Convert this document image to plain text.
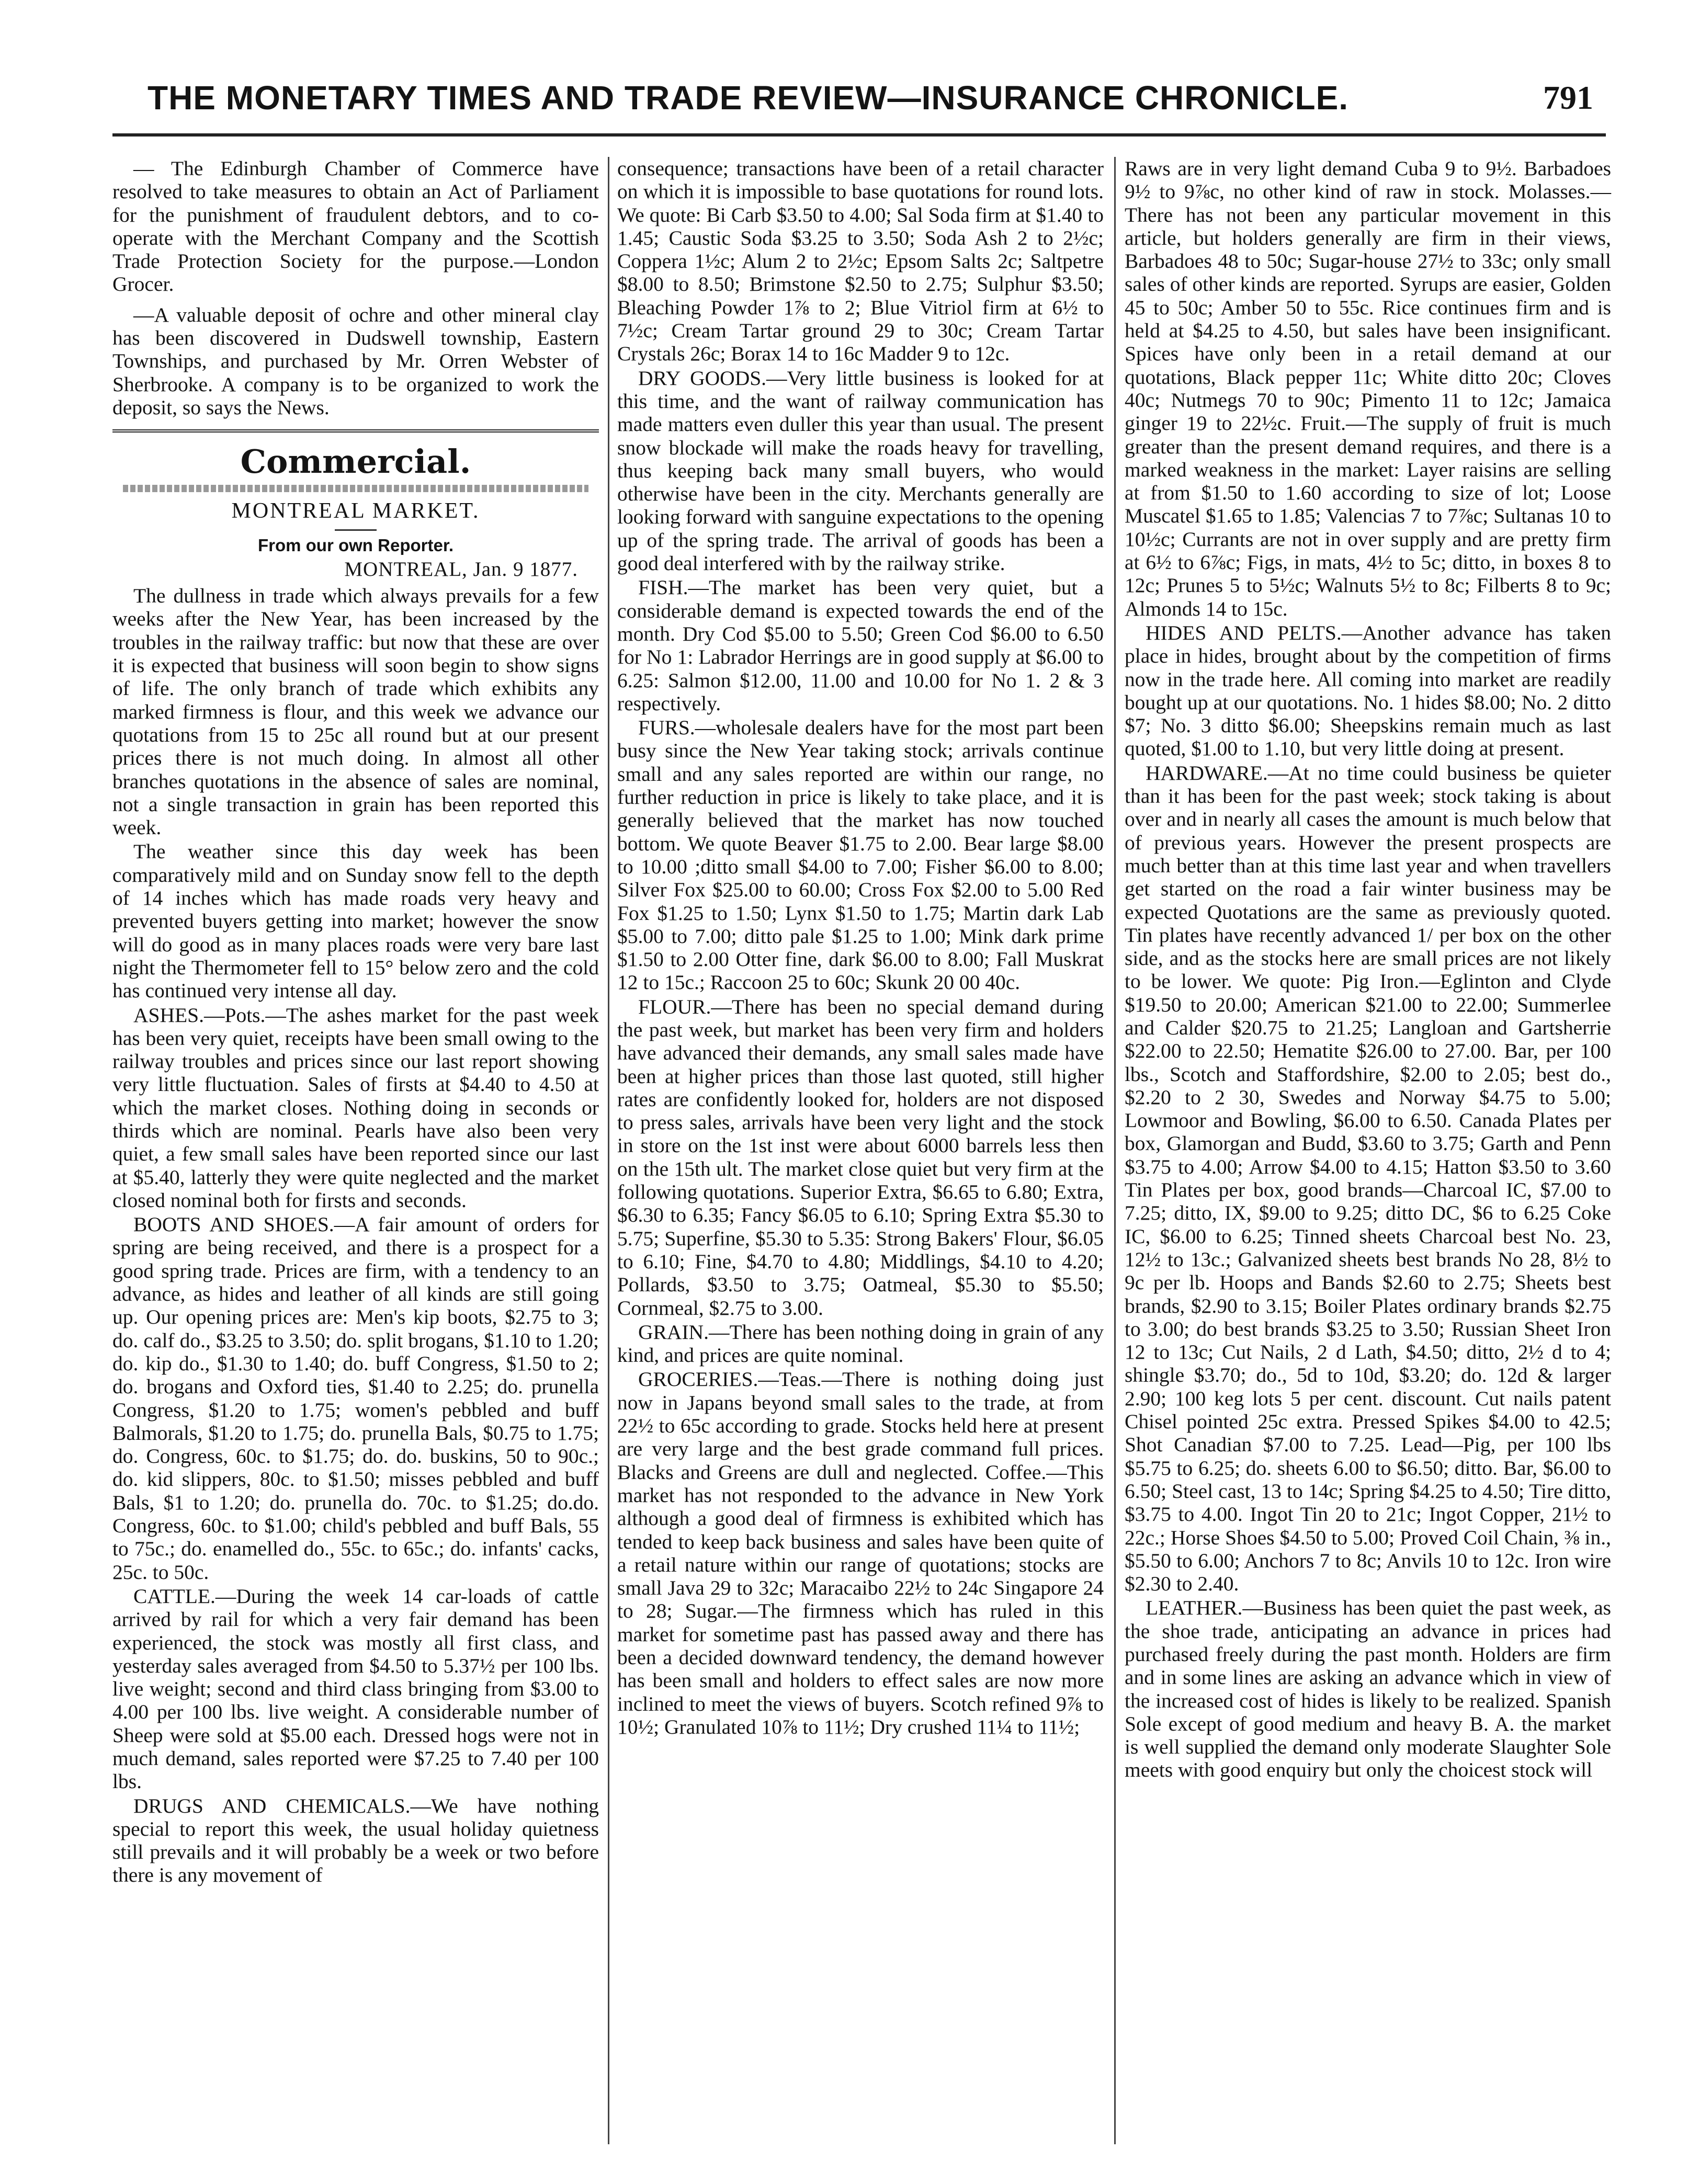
THE MONETARY TIMES AND TRADE REVIEW—INSURANCE CHRONICLE.	791

— The Edinburgh Chamber of Commerce have resolved to take measures to obtain an Act of Parliament for the punishment of fraudulent debtors, and to co-operate with the Merchant Company and the Scottish Trade Protection Society for the purpose.—London Grocer.

—A valuable deposit of ochre and other mineral clay has been discovered in Dudswell township, Eastern Townships, and purchased by Mr. Orren Webster of Sherbrooke. A company is to be organized to work the deposit, so says the News.

Commercial.
MONTREAL MARKET.
From our own Reporter.
MONTREAL, Jan. 9 1877.

The dullness in trade which always prevails for a few weeks after the New Year, has been increased by the troubles in the railway traffic: but now that these are over it is expected that business will soon begin to show signs of life. The only branch of trade which exhibits any marked firmness is flour, and this week we advance our quotations from 15 to 25c all round but at our present prices there is not much doing. In almost all other branches quotations in the absence of sales are nominal, not a single transaction in grain has been reported this week.

The weather since this day week has been comparatively mild and on Sunday snow fell to the depth of 14 inches which has made roads very heavy and prevented buyers getting into market; however the snow will do good as in many places roads were very bare last night the Thermometer fell to 15° below zero and the cold has continued very intense all day.

ASHES.—Pots.—The ashes market for the past week has been very quiet, receipts have been small owing to the railway troubles and prices since our last report showing very little fluctuation. Sales of firsts at $4.40 to 4.50 at which the market closes. Nothing doing in seconds or thirds which are nominal. Pearls have also been very quiet, a few small sales have been reported since our last at $5.40, latterly they were quite neglected and the market closed nominal both for firsts and seconds.

BOOTS AND SHOES.—A fair amount of orders for spring are being received, and there is a prospect for a good spring trade. Prices are firm, with a tendency to an advance, as hides and leather of all kinds are still going up. Our opening prices are: Men's kip boots, $2.75 to 3; do. calf do., $3.25 to 3.50; do. split brogans, $1.10 to 1.20; do. kip do., $1.30 to 1.40; do. buff Congress, $1.50 to 2; do. brogans and Oxford ties, $1.40 to 2.25; do. prunella Congress, $1.20 to 1.75; women's pebbled and buff Balmorals, $1.20 to 1.75; do. prunella Bals, $0.75 to 1.75; do. Congress, 60c. to $1.75; do. do. buskins, 50 to 90c.; do. kid slippers, 80c. to $1.50; misses pebbled and buff Bals, $1 to 1.20; do. prunella do. 70c. to $1.25; do.do. Congress, 60c. to $1.00; child's pebbled and buff Bals, 55 to 75c.; do. enamelled do., 55c. to 65c.; do. infants' cacks, 25c. to 50c.

CATTLE.—During the week 14 car-loads of cattle arrived by rail for which a very fair demand has been experienced, the stock was mostly all first class, and yesterday sales averaged from $4.50 to 5.37½ per 100 lbs. live weight; second and third class bringing from $3.00 to 4.00 per 100 lbs. live weight. A considerable number of Sheep were sold at $5.00 each. Dressed hogs were not in much demand, sales reported were $7.25 to 7.40 per 100 lbs.

DRUGS AND CHEMICALS.—We have nothing special to report this week, the usual holiday quietness still prevails and it will probably be a week or two before there is any movement of

consequence; transactions have been of a retail character on which it is impossible to base quotations for round lots. We quote: Bi Carb $3.50 to 4.00; Sal Soda firm at $1.40 to 1.45; Caustic Soda $3.25 to 3.50; Soda Ash 2 to 2½c; Coppera 1½c; Alum 2 to 2½c; Epsom Salts 2c; Saltpetre $8.00 to 8.50; Brimstone $2.50 to 2.75; Sulphur $3.50; Bleaching Powder 1⅞ to 2; Blue Vitriol firm at 6½ to 7½c; Cream Tartar ground 29 to 30c; Cream Tartar Crystals 26c; Borax 14 to 16c Madder 9 to 12c.

DRY GOODS.—Very little business is looked for at this time, and the want of railway communication has made matters even duller this year than usual. The present snow blockade will make the roads heavy for travelling, thus keeping back many small buyers, who would otherwise have been in the city. Merchants generally are looking forward with sanguine expectations to the opening up of the spring trade. The arrival of goods has been a good deal interfered with by the railway strike.

FISH.—The market has been very quiet, but a considerable demand is expected towards the end of the month. Dry Cod $5.00 to 5.50; Green Cod $6.00 to 6.50 for No 1: Labrador Herrings are in good supply at $6.00 to 6.25: Salmon $12.00, 11.00 and 10.00 for No 1. 2 & 3 respectively.

FURS.—wholesale dealers have for the most part been busy since the New Year taking stock; arrivals continue small and any sales reported are within our range, no further reduction in price is likely to take place, and it is generally believed that the market has now touched bottom. We quote Beaver $1.75 to 2.00. Bear large $8.00 to 10.00 ;ditto small $4.00 to 7.00; Fisher $6.00 to 8.00; Silver Fox $25.00 to 60.00; Cross Fox $2.00 to 5.00 Red Fox $1.25 to 1.50; Lynx $1.50 to 1.75; Martin dark Lab $5.00 to 7.00; ditto pale $1.25 to 1.00; Mink dark prime $1.50 to 2.00 Otter fine, dark $6.00 to 8.00; Fall Muskrat 12 to 15c.; Raccoon 25 to 60c; Skunk 20 00 40c.

FLOUR.—There has been no special demand during the past week, but market has been very firm and holders have advanced their demands, any small sales made have been at higher prices than those last quoted, still higher rates are confidently looked for, holders are not disposed to press sales, arrivals have been very light and the stock in store on the 1st inst were about 6000 barrels less then on the 15th ult. The market close quiet but very firm at the following quotations. Superior Extra, $6.65 to 6.80; Extra, $6.30 to 6.35; Fancy $6.05 to 6.10; Spring Extra $5.30 to 5.75; Superfine, $5.30 to 5.35: Strong Bakers' Flour, $6.05 to 6.10; Fine, $4.70 to 4.80; Middlings, $4.10 to 4.20; Pollards, $3.50 to 3.75; Oatmeal, $5.30 to $5.50; Cornmeal, $2.75 to 3.00.

GRAIN.—There has been nothing doing in grain of any kind, and prices are quite nominal.

GROCERIES.—Teas.—There is nothing doing just now in Japans beyond small sales to the trade, at from 22½ to 65c according to grade. Stocks held here at present are very large and the best grade command full prices. Blacks and Greens are dull and neglected. Coffee.—This market has not responded to the advance in New York although a good deal of firmness is exhibited which has tended to keep back business and sales have been quite of a retail nature within our range of quotations; stocks are small Java 29 to 32c; Maracaibo 22½ to 24c Singapore 24 to 28; Sugar.—The firmness which has ruled in this market for sometime past has passed away and there has been a decided downward tendency, the demand however has been small and holders to effect sales are now more inclined to meet the views of buyers. Scotch refined 9⅞ to 10½; Granulated 10⅞ to 11½; Dry crushed 11¼ to 11½;

Raws are in very light demand Cuba 9 to 9½. Barbadoes 9½ to 9⅞c, no other kind of raw in stock. Molasses.—There has not been any particular movement in this article, but holders generally are firm in their views, Barbadoes 48 to 50c; Sugar-house 27½ to 33c; only small sales of other kinds are reported. Syrups are easier, Golden 45 to 50c; Amber 50 to 55c. Rice continues firm and is held at $4.25 to 4.50, but sales have been insignificant. Spices have only been in a retail demand at our quotations, Black pepper 11c; White ditto 20c; Cloves 40c; Nutmegs 70 to 90c; Pimento 11 to 12c; Jamaica ginger 19 to 22½c. Fruit.—The supply of fruit is much greater than the present demand requires, and there is a marked weakness in the market: Layer raisins are selling at from $1.50 to 1.60 according to size of lot; Loose Muscatel $1.65 to 1.85; Valencias 7 to 7⅞c; Sultanas 10 to 10½c; Currants are not in over supply and are pretty firm at 6½ to 6⅞c; Figs, in mats, 4½ to 5c; ditto, in boxes 8 to 12c; Prunes 5 to 5½c; Walnuts 5½ to 8c; Filberts 8 to 9c; Almonds 14 to 15c.

HIDES AND PELTS.—Another advance has taken place in hides, brought about by the competition of firms now in the trade here. All coming into market are readily bought up at our quotations. No. 1 hides $8.00; No. 2 ditto $7; No. 3 ditto $6.00; Sheepskins remain much as last quoted, $1.00 to 1.10, but very little doing at present.

HARDWARE.—At no time could business be quieter than it has been for the past week; stock taking is about over and in nearly all cases the amount is much below that of previous years. However the present prospects are much better than at this time last year and when travellers get started on the road a fair winter business may be expected Quotations are the same as previously quoted. Tin plates have recently advanced 1/ per box on the other side, and as the stocks here are small prices are not likely to be lower. We quote: Pig Iron.—Eglinton and Clyde $19.50 to 20.00; American $21.00 to 22.00; Summerlee and Calder $20.75 to 21.25; Langloan and Gartsherrie $22.00 to 22.50; Hematite $26.00 to 27.00. Bar, per 100 lbs., Scotch and Staffordshire, $2.00 to 2.05; best do., $2.20 to 2 30, Swedes and Norway $4.75 to 5.00; Lowmoor and Bowling, $6.00 to 6.50. Canada Plates per box, Glamorgan and Budd, $3.60 to 3.75; Garth and Penn $3.75 to 4.00; Arrow $4.00 to 4.15; Hatton $3.50 to 3.60 Tin Plates per box, good brands—Charcoal IC, $7.00 to 7.25; ditto, IX, $9.00 to 9.25; ditto DC, $6 to 6.25 Coke IC, $6.00 to 6.25; Tinned sheets Charcoal best No. 23, 12½ to 13c.; Galvanized sheets best brands No 28, 8½ to 9c per lb. Hoops and Bands $2.60 to 2.75; Sheets best brands, $2.90 to 3.15; Boiler Plates ordinary brands $2.75 to 3.00; do best brands $3.25 to 3.50; Russian Sheet Iron 12 to 13c; Cut Nails, 2 d Lath, $4.50; ditto, 2½ d to 4; shingle $3.70; do., 5d to 10d, $3.20; do. 12d & larger 2.90; 100 keg lots 5 per cent. discount. Cut nails patent Chisel pointed 25c extra. Pressed Spikes $4.00 to 42.5; Shot Canadian $7.00 to 7.25. Lead—Pig, per 100 lbs $5.75 to 6.25; do. sheets 6.00 to $6.50; ditto. Bar, $6.00 to 6.50; Steel cast, 13 to 14c; Spring $4.25 to 4.50; Tire ditto, $3.75 to 4.00. Ingot Tin 20 to 21c; Ingot Copper, 21½ to 22c.; Horse Shoes $4.50 to 5.00; Proved Coil Chain, ⅜ in., $5.50 to 6.00; Anchors 7 to 8c; Anvils 10 to 12c. Iron wire $2.30 to 2.40.

LEATHER.—Business has been quiet the past week, as the shoe trade, anticipating an advance in prices had purchased freely during the past month. Holders are firm and in some lines are asking an advance which in view of the increased cost of hides is likely to be realized. Spanish Sole except of good medium and heavy B. A. the market is well supplied the demand only moderate Slaughter Sole meets with good enquiry but only the choicest stock will
